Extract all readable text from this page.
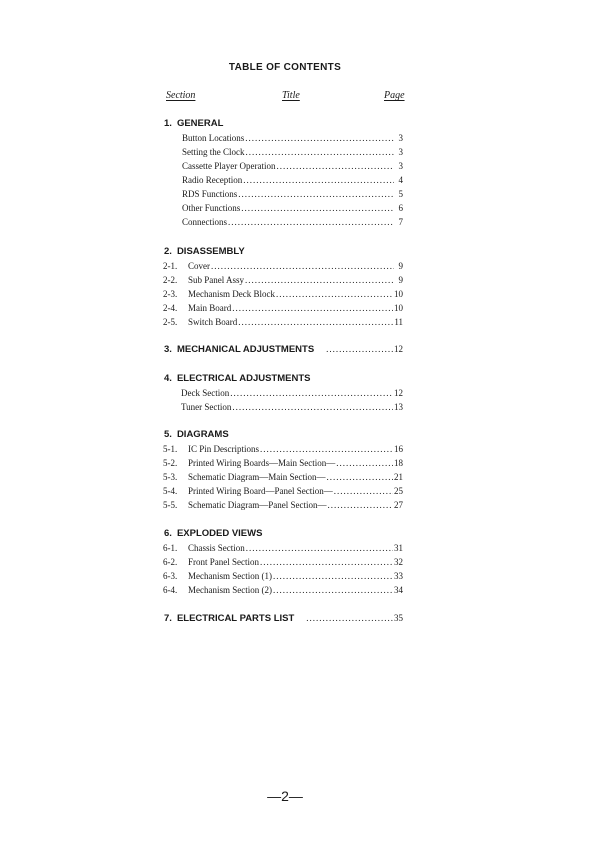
TABLE OF CONTENTS
Section	Title	Page
1. GENERAL
Button Locations .....	3
Setting the Clock .....	3
Cassette Player Operation .....	3
Radio Reception .....	4
RDS Functions .....	5
Other Functions .....	6
Connections .....	7
2. DISASSEMBLY
2-1. Cover .....	9
2-2. Sub Panel Assy .....	9
2-3. Mechanism Deck Block .....	10
2-4. Main Board .....	10
2-5. Switch Board .....	11
3. MECHANICAL ADJUSTMENTS .....	12
4. ELECTRICAL ADJUSTMENTS
Deck Section .....	12
Tuner Section .....	13
5. DIAGRAMS
5-1. IC Pin Descriptions .....	16
5-2. Printed Wiring Boards—Main Section— .....	18
5-3. Schematic Diagram—Main Section— .....	21
5-4. Printed Wiring Board—Panel Section— .....	25
5-5. Schematic Diagram—Panel Section— .....	27
6. EXPLODED VIEWS
6-1. Chassis Section .....	31
6-2. Front Panel Section .....	32
6-3. Mechanism Section (1) .....	33
6-4. Mechanism Section (2) .....	34
7. ELECTRICAL PARTS LIST .....	35
—2—
